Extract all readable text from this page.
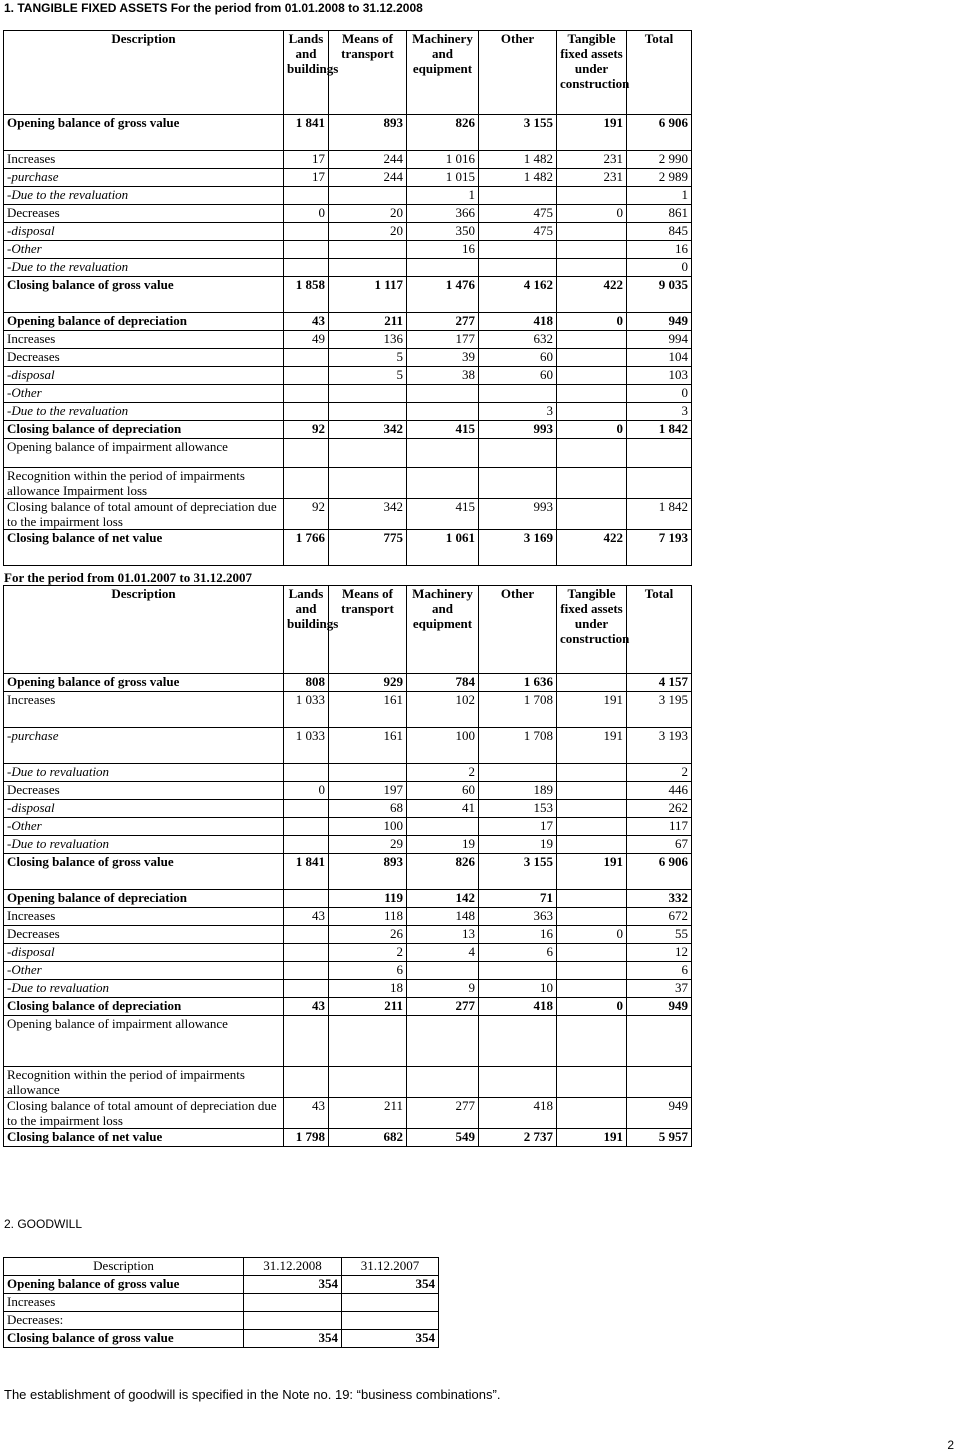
1. TANGIBLE FIXED ASSETS For the period from 01.01.2008 to 31.12.2008
Description	Lands and buildings	Means of transport	Machinery and equipment	Other	Tangible fixed assets under construction	Total
Opening balance of gross value	1 841	893	826	3 155	191	6 906
Increases	17	244	1 016	1 482	231	2 990
-purchase	17	244	1 015	1 482	231	2 989
-Due to the revaluation			1			1
Decreases	0	20	366	475	0	861
-disposal		20	350	475		845
-Other			16			16
-Due to the revaluation						0
Closing balance of gross value	1 858	1 117	1 476	4 162	422	9 035
Opening balance of depreciation	43	211	277	418	0	949
Increases	49	136	177	632		994
Decreases		5	39	60		104
-disposal		5	38	60		103
-Other						0
-Due to the revaluation				3		3
Closing balance of depreciation	92	342	415	993	0	1 842
Opening balance of impairment allowance						
Recognition within the period of impairments allowance Impairment loss						
Closing balance of total amount of depreciation due to the impairment loss	92	342	415	993		1 842
Closing balance of net value	1 766	775	1 061	3 169	422	7 193
For the period from 01.01.2007 to 31.12.2007
Description	Lands and buildings	Means of transport	Machinery and equipment	Other	Tangible fixed assets under construction	Total
Opening balance of gross value	808	929	784	1 636		4 157
Increases	1 033	161	102	1 708	191	3 195
-purchase	1 033	161	100	1 708	191	3 193
-Due to revaluation			2			2
Decreases	0	197	60	189		446
-disposal		68	41	153		262
-Other		100		17		117
-Due to revaluation		29	19	19		67
Closing balance of gross value	1 841	893	826	3 155	191	6 906
Opening balance of depreciation		119	142	71		332
Increases	43	118	148	363		672
Decreases		26	13	16	0	55
-disposal		2	4	6		12
-Other		6				6
-Due to revaluation		18	9	10		37
Closing balance of depreciation	43	211	277	418	0	949
Opening balance of impairment allowance						
Recognition within the period of impairments allowance						
Closing balance of total amount of depreciation due to the impairment loss	43	211	277	418		949
Closing balance of net value	1 798	682	549	2 737	191	5 957
2. GOODWILL
Description	31.12.2008	31.12.2007
Opening balance of gross value	354	354
Increases		
Decreases:		
Closing balance of gross value	354	354
The establishment of goodwill is specified in the Note no. 19: “business combinations”.
2
